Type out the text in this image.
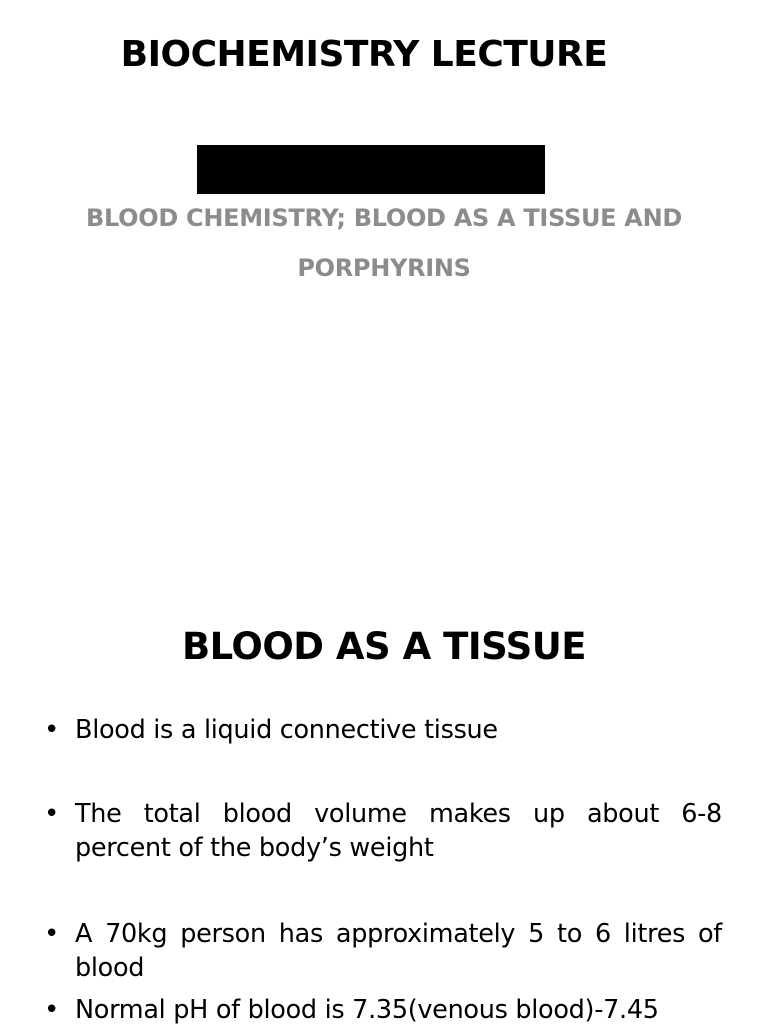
BIOCHEMISTRY LECTURE
BLOOD CHEMISTRY; BLOOD AS A TISSUE AND PORPHYRINS
BLOOD AS A TISSUE
• Blood is a liquid connective tissue
• The total blood volume makes up about 6-8 percent of the body’s weight
• A 70kg person has approximately 5 to 6 litres of blood
• Normal pH of blood is 7.35(venous blood)-7.45
